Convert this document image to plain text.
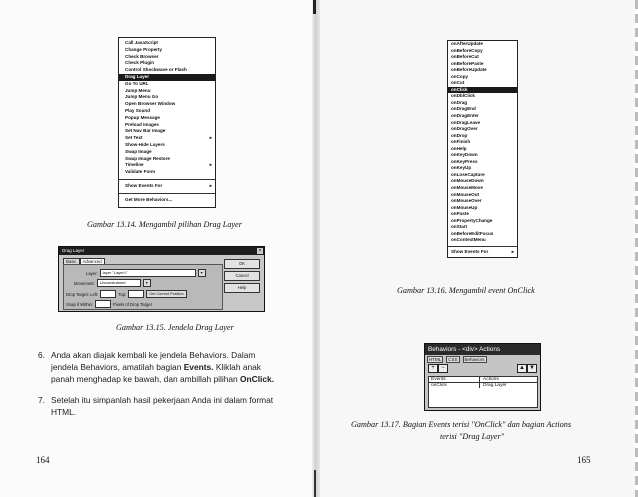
Call JavaScript
Change Property
Check Browser
Check Plugin
Control Shockwave or Flash
Drag Layer
Go To URL
Jump Menu
Jump Menu Go
Open Browser Window
Play Sound
Popup Message
Preload Images
Set Nav Bar Image
Set Text	▸
Show-Hide Layers
Swap Image
Swap Image Restore
Timeline	▸
Validate Form
Show Events For	▸
Get More Behaviors...
Gambar 13.14. Mengambil pilihan Drag Layer
Drag Layer	×
Basic Advanced
Layer:	layer "Layer1"	▾
Movement:	Unconstrained	▾
Drop Target: Left:	Top:	Get Current Position
Snap if Within:	Pixels of Drop Target
OK
Cancel
Help
Gambar 13.15. Jendela Drag Layer
6. Anda akan diajak kembali ke jendela Behaviors. Dalam
jendela Behaviors, amatilah bagian Events. Kliklah anak
panah menghadap ke bawah, dan ambillah pilihan OnClick.
7. Setelah itu simpanlah hasil pekerjaan Anda ini dalam format
HTML.
164
onAfterUpdate
onBeforeCopy
onBeforeCut
onBeforePaste
onBeforeUpdate
onCopy
onCut
onClick
onDblClick
onDrag
onDragEnd
onDragEnter
onDragLeave
onDragOver
onDrop
onFinish
onHelp
onKeyDown
onKeyPress
onKeyUp
onLoseCapture
onMouseDown
onMouseMove
onMouseOut
onMouseOver
onMouseUp
onPaste
onPropertyChange
onStart
onBeforeEditFocus
onContextMenu
Show Events For	▸
Gambar 13.16. Mengambil event OnClick
Behaviors - <div> Actions
HTML	CSS	Behaviors
+	−	▲ ▼
Events	Actions
onClick	Drag Layer
Gambar 13.17. Bagian Events terisi "OnClick" dan bagian Actions
terisi "Drag Layer"
165
